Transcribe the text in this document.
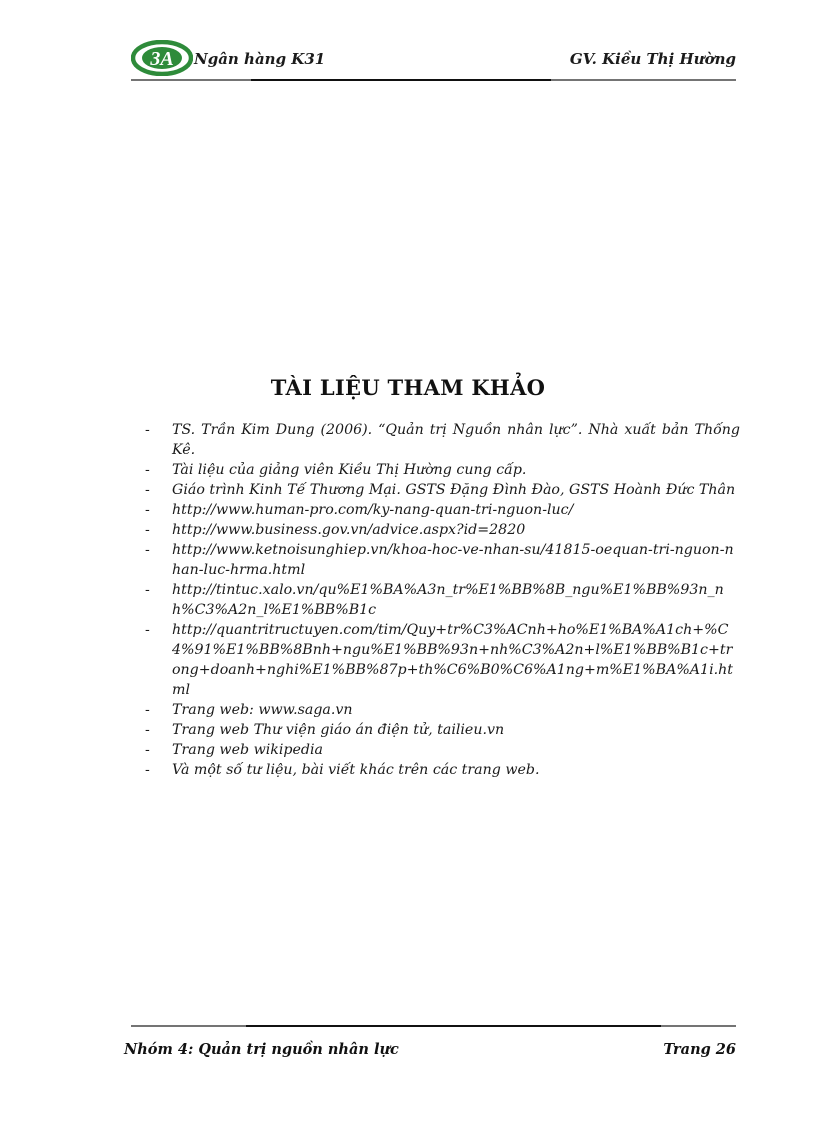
3A Ngân hàng K31	GV. Kiều Thị Hường
TÀI LIỆU THAM KHẢO
- TS. Trần Kim Dung (2006). “Quản trị Nguồn nhân lực”. Nhà xuất bản Thống Kê.
- Tài liệu của giảng viên Kiều Thị Hường cung cấp.
- Giáo trình Kinh Tế Thương Mại. GSTS Đặng Đình Đào, GSTS Hoành Đức Thân
- http://www.human-pro.com/ky-nang-quan-tri-nguon-luc/
- http://www.business.gov.vn/advice.aspx?id=2820
- http://www.ketnoisunghiep.vn/khoa-hoc-ve-nhan-su/41815-oequan-tri-nguon-nhan-luc-hrma.html
- http://tintuc.xalo.vn/qu%E1%BA%A3n_tr%E1%BB%8B_ngu%E1%BB%93n_nh%C3%A2n_l%E1%BB%B1c
- http://quantritructuyen.com/tim/Quy+tr%C3%ACnh+ho%E1%BA%A1ch+%C4%91%E1%BB%8Bnh+ngu%E1%BB%93n+nh%C3%A2n+l%E1%BB%B1c+trong+doanh+nghi%E1%BB%87p+th%C6%B0%C6%A1ng+m%E1%BA%A1i.html
- Trang web: www.saga.vn
- Trang web Thư viện giáo án điện tử, tailieu.vn
- Trang web wikipedia
- Và một số tư liệu, bài viết khác trên các trang web.
Nhóm 4: Quản trị nguồn nhân lực	Trang 26
